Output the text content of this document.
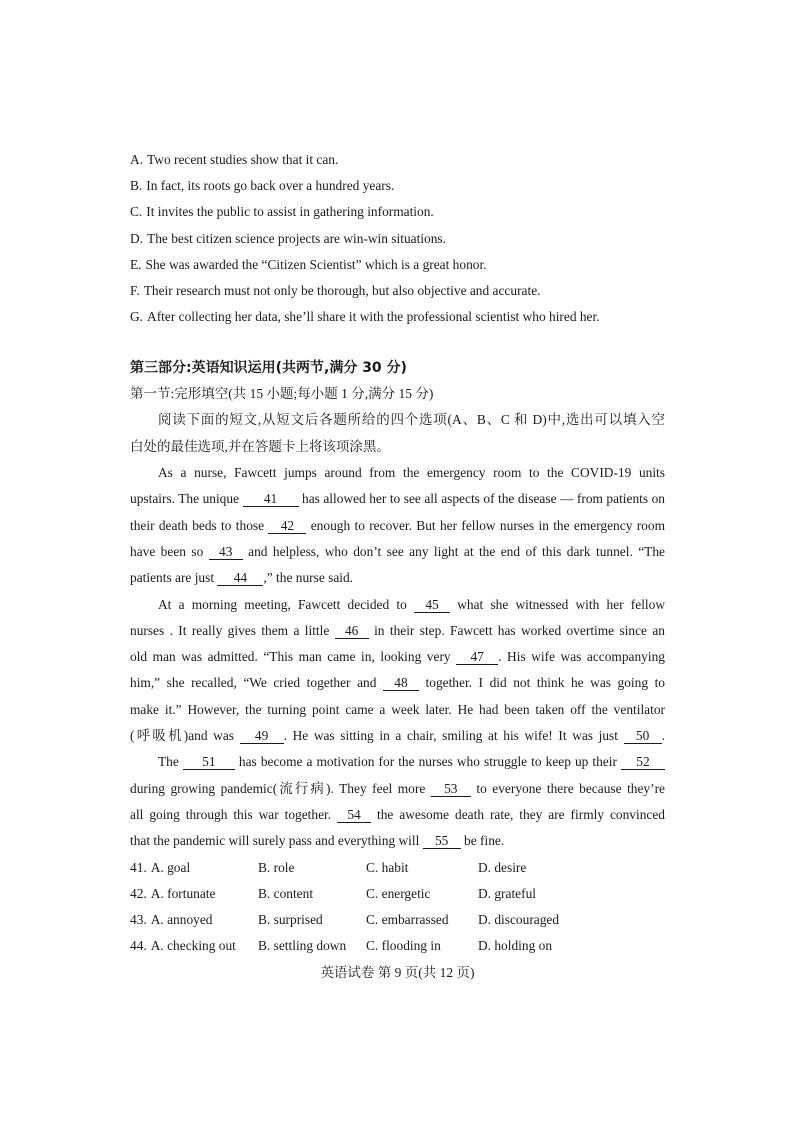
A. Two recent studies show that it can.
B. In fact, its roots go back over a hundred years.
C. It invites the public to assist in gathering information.
D. The best citizen science projects are win-win situations.
E. She was awarded the “Citizen Scientist” which is a great honor.
F. Their research must not only be thorough, but also objective and accurate.
G. After collecting her data, she’ll share it with the professional scientist who hired her.
第三部分:英语知识运用(共两节,满分 30 分)
第一节:完形填空(共 15 小题;每小题 1 分,满分 15 分)
阅读下面的短文,从短文后各题所给的四个选项(A、B、C 和 D)中,选出可以填入空
白处的最佳选项,并在答题卡上将该项涂黑。
As a nurse, Fawcett jumps around from the emergency room to the COVID-19 units
upstairs. The unique 41 has allowed her to see all aspects of the disease — from patients on
their death beds to those 42 enough to recover. But her fellow nurses in the emergency room
have been so 43 and helpless, who don’t see any light at the end of this dark tunnel. “The
patients are just 44 ,” the nurse said.
At a morning meeting, Fawcett decided to 45 what she witnessed with her fellow
nurses . It really gives them a little 46 in their step. Fawcett has worked overtime since an
old man was admitted. “This man came in, looking very 47 . His wife was accompanying
him,” she recalled, “We cried together and 48 together. I did not think he was going to
make it.” However, the turning point came a week later. He had been taken off the ventilator
(呼吸机)and was 49 . He was sitting in a chair, smiling at his wife! It was just 50 .
The 51 has become a motivation for the nurses who struggle to keep up their 52
during growing pandemic(流行病). They feel more 53 to everyone there because they’re
all going through this war together. 54 the awesome death rate, they are firmly convinced
that the pandemic will surely pass and everything will 55 be fine.
41. A. goal	B. role	C. habit	D. desire
42. A. fortunate	B. content	C. energetic	D. grateful
43. A. annoyed	B. surprised	C. embarrassed D. discouraged
44. A. checking out B. settling down C. flooding in	D. holding on
英语试卷 第 9 页(共 12 页)
